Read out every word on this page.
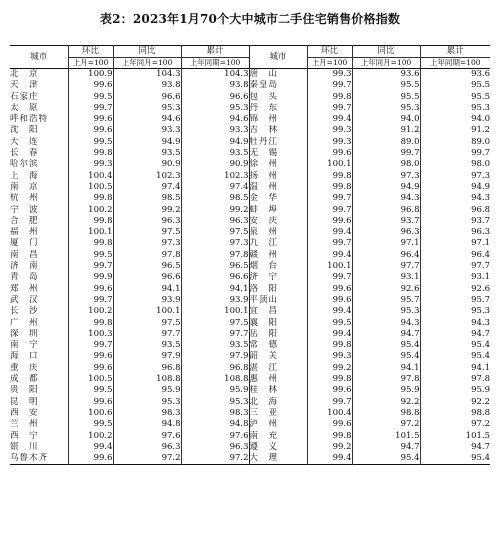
表2：2023年1月70个大中城市二手住宅销售价格指数
城市	环比	同比	累计	城市	环比	同比	累计
	上月=100	上年同月=100	上年同期=100		上月=100	上年同月=100	上年同期=100
北　京	100.9	104.3	104.3	唐　山	99.3	93.6	93.6
天　津	99.6	93.8	93.8	秦皇岛	99.7	95.5	95.5
石家庄	99.5	96.6	96.6	包　头	99.8	95.5	95.5
太　原	99.7	95.3	95.3	丹　东	99.7	95.3	95.3
呼和浩特	99.6	94.6	94.6	锦　州	99.4	94.0	94.0
沈　阳	99.6	93.3	93.3	吉　林	99.3	91.2	91.2
大　连	99.5	94.9	94.9	牡丹江	99.3	89.0	89.0
长　春	99.8	93.5	93.5	无　锡	99.6	99.7	99.7
哈尔滨	99.3	90.9	90.9	徐　州	100.1	98.0	98.0
上　海	100.4	102.3	102.3	扬　州	99.8	97.3	97.3
南　京	100.5	97.4	97.4	温　州	99.8	94.9	94.9
杭　州	99.8	98.5	98.5	金　华	99.7	94.3	94.3
宁　波	100.2	99.2	99.2	蚌　埠	99.7	96.8	96.8
合　肥	99.8	96.3	96.3	安　庆	99.6	93.7	93.7
福　州	100.1	97.5	97.5	泉　州	99.4	96.3	96.3
厦　门	99.8	97.3	97.3	九　江	99.7	97.1	97.1
南　昌	99.5	97.8	97.8	赣　州	99.4	96.4	96.4
济　南	99.7	96.5	96.5	烟　台	100.1	97.7	97.7
青　岛	99.9	96.6	96.6	济　宁	99.7	93.1	93.1
郑　州	99.6	94.1	94.1	洛　阳	99.6	92.6	92.6
武　汉	99.7	93.9	93.9	平顶山	99.6	95.7	95.7
长　沙	100.2	100.1	100.1	宜　昌	99.4	95.3	95.3
广　州	99.8	97.5	97.5	襄　阳	99.5	94.3	94.3
深　圳	100.3	97.7	97.7	岳　阳	99.4	94.7	94.7
南　宁	99.7	93.5	93.5	常　德	99.8	95.4	95.4
海　口	99.6	97.9	97.9	韶　关	99.3	95.4	95.4
重　庆	99.6	96.8	96.8	湛　江	99.2	94.1	94.1
成　都	100.5	108.8	108.8	惠　州	99.8	97.8	97.8
贵　阳	99.5	95.9	95.9	桂　林	99.6	95.9	95.9
昆　明	99.6	95.3	95.3	北　海	99.7	92.2	92.2
西　安	100.6	98.3	98.3	三　亚	100.4	98.8	98.8
兰　州	99.5	94.8	94.8	泸　州	99.6	97.2	97.2
西　宁	100.2	97.6	97.6	南　充	99.8	101.5	101.5
银　川	99.4	96.3	96.3	遵　义	99.2	94.7	94.7
乌鲁木齐	99.6	97.2	97.2	大　理	99.4	95.4	95.4
